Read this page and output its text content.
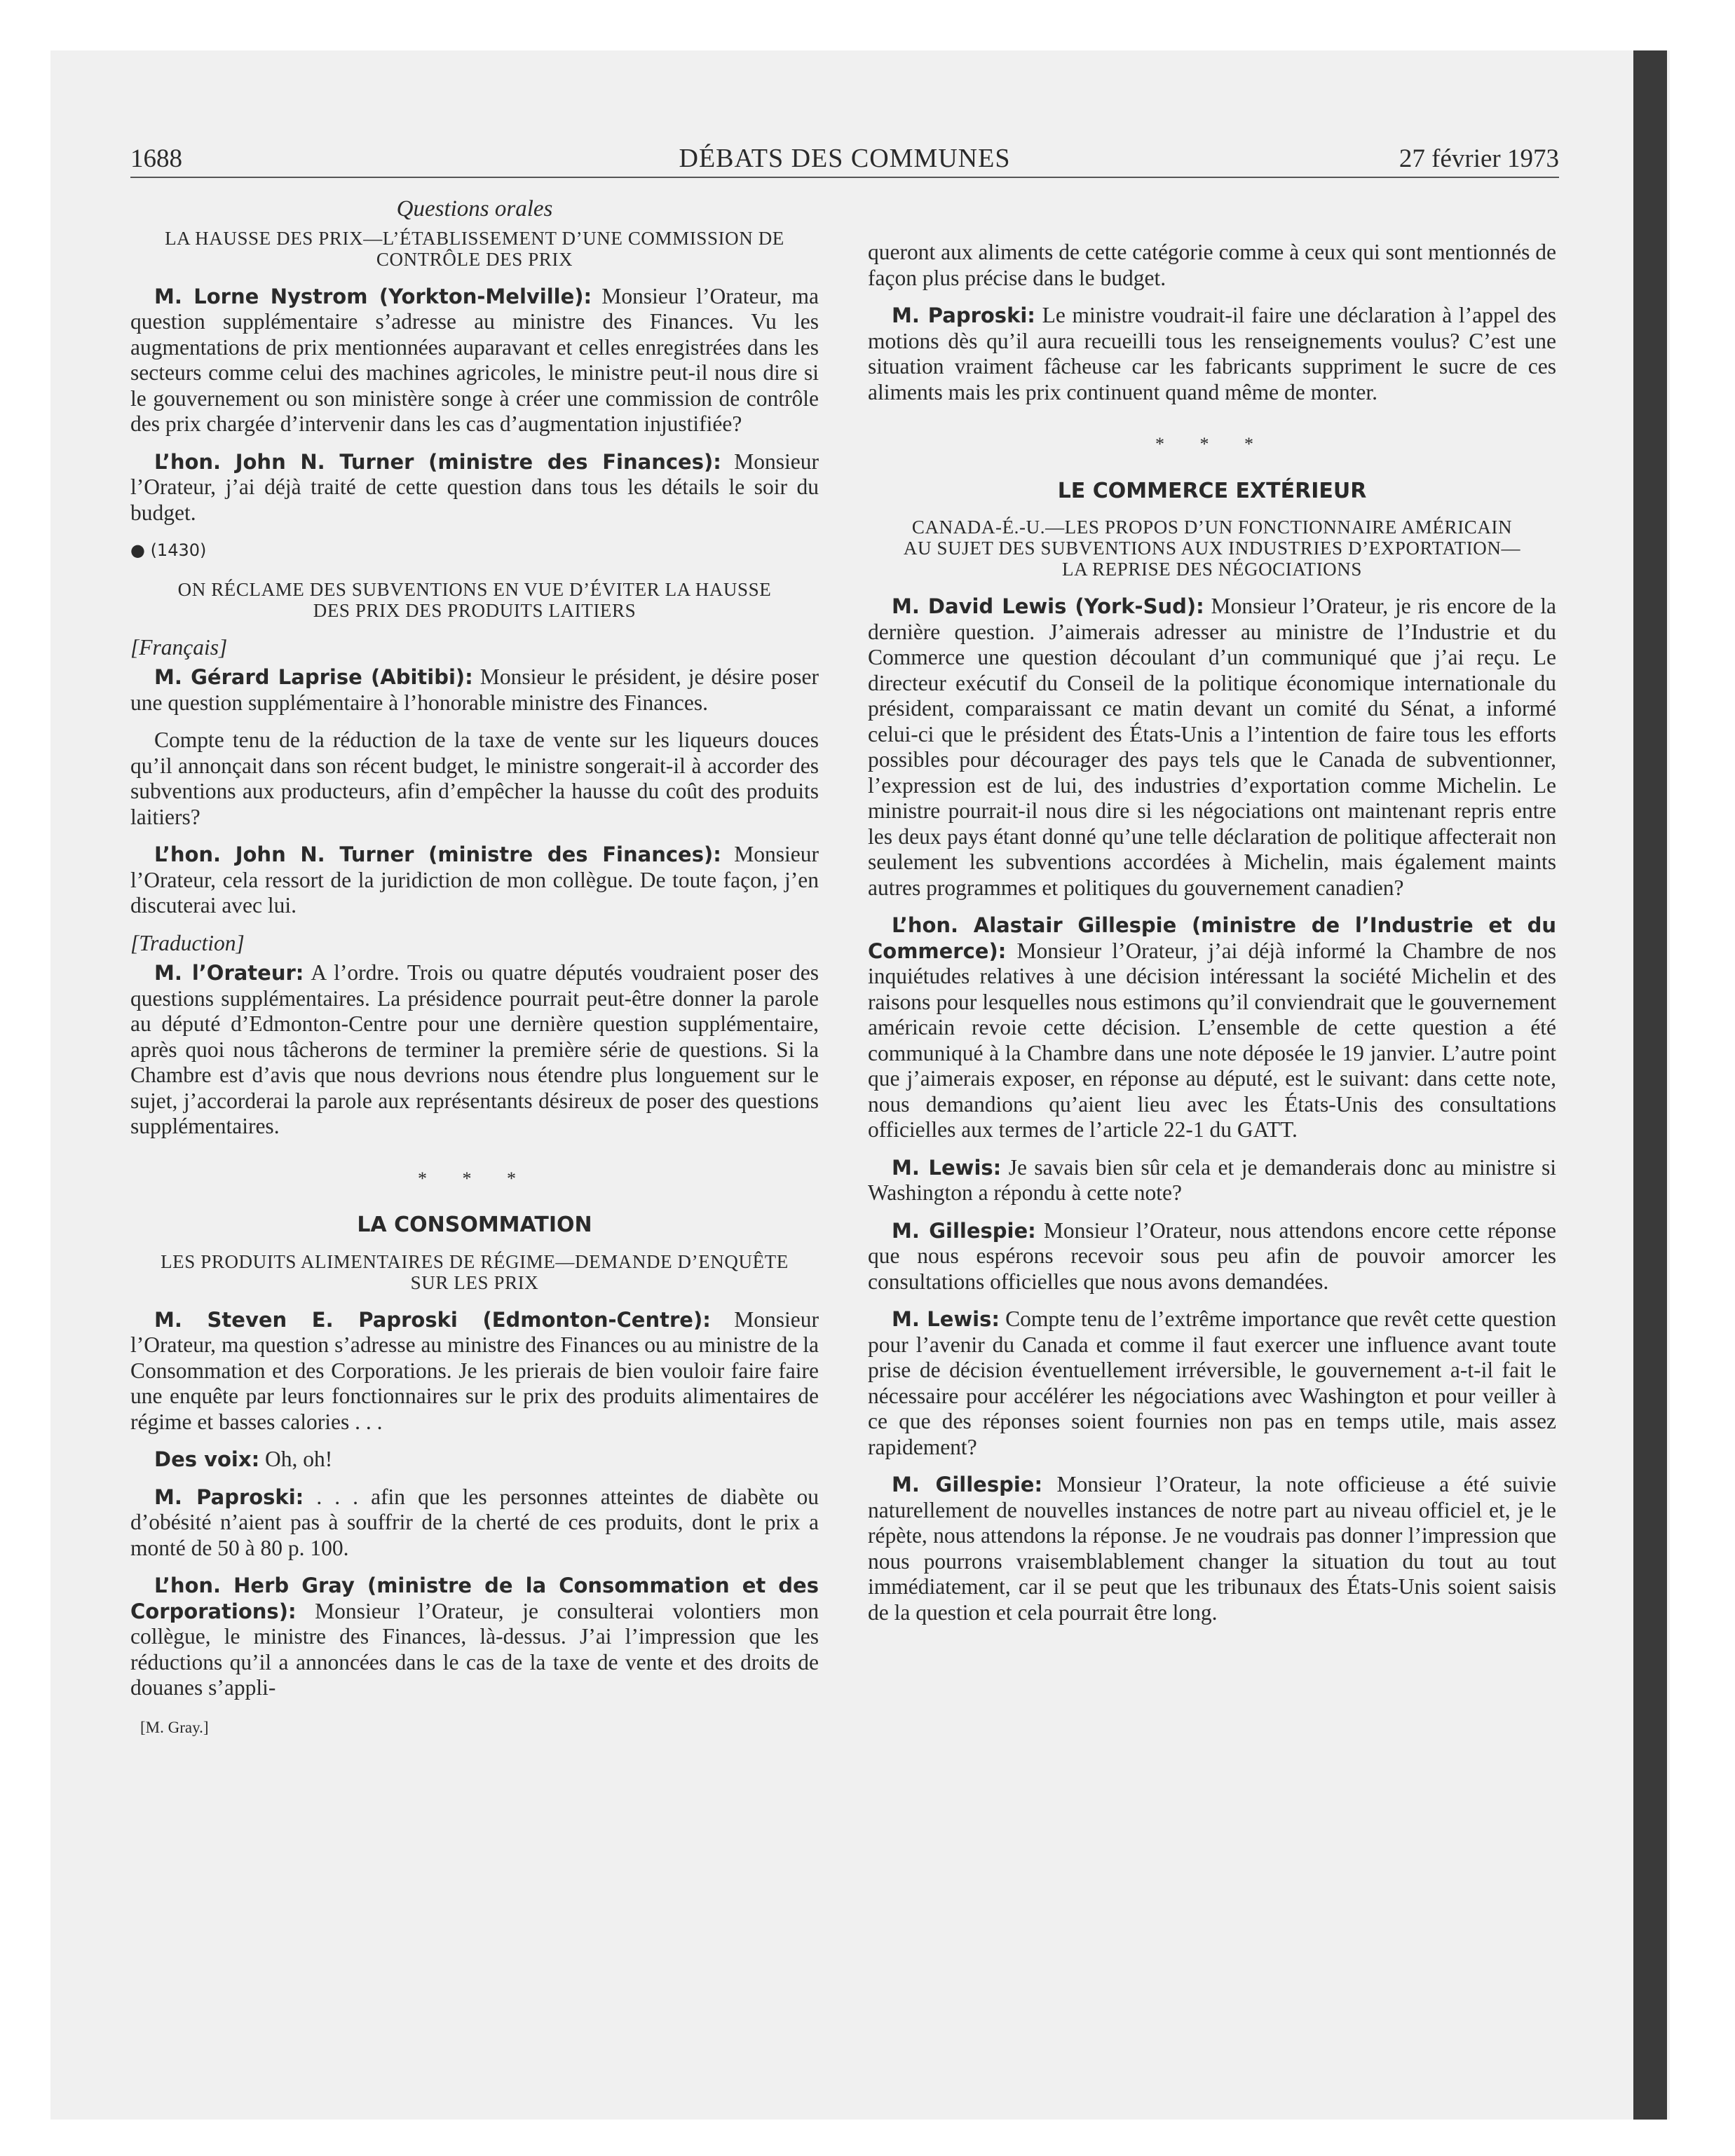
1688	DÉBATS DES COMMUNES	27 février 1973
Questions orales
LA HAUSSE DES PRIX—L’ÉTABLISSEMENT D’UNE COMMISSION DE CONTRÔLE DES PRIX

M. Lorne Nystrom (Yorkton-Melville): Monsieur l’Orateur, ma question supplémentaire s’adresse au ministre des Finances. Vu les augmentations de prix mentionnées auparavant et celles enregistrées dans les secteurs comme celui des machines agricoles, le ministre peut-il nous dire si le gouvernement ou son ministère songe à créer une commission de contrôle des prix chargée d’intervenir dans les cas d’augmentation injustifiée?

L’hon. John N. Turner (ministre des Finances): Monsieur l’Orateur, j’ai déjà traité de cette question dans tous les détails le soir du budget.

● (1430)
ON RÉCLAME DES SUBVENTIONS EN VUE D’ÉVITER LA HAUSSE DES PRIX DES PRODUITS LAITIERS
[Français]

M. Gérard Laprise (Abitibi): Monsieur le président, je désire poser une question supplémentaire à l’honorable ministre des Finances.

Compte tenu de la réduction de la taxe de vente sur les liqueurs douces qu’il annonçait dans son récent budget, le ministre songerait-il à accorder des subventions aux producteurs, afin d’empêcher la hausse du coût des produits laitiers?

L’hon. John N. Turner (ministre des Finances): Monsieur l’Orateur, cela ressort de la juridiction de mon collègue. De toute façon, j’en discuterai avec lui.

[Traduction]

M. l’Orateur: A l’ordre. Trois ou quatre députés voudraient poser des questions supplémentaires. La présidence pourrait peut-être donner la parole au député d’Edmonton-Centre pour une dernière question supplémentaire, après quoi nous tâcherons de terminer la première série de questions. Si la Chambre est d’avis que nous devrions nous étendre plus longuement sur le sujet, j’accorderai la parole aux représentants désireux de poser des questions supplémentaires.

* * *
LA CONSOMMATION
LES PRODUITS ALIMENTAIRES DE RÉGIME—DEMANDE D’ENQUÊTE SUR LES PRIX

M. Steven E. Paproski (Edmonton-Centre): Monsieur l’Orateur, ma question s’adresse au ministre des Finances ou au ministre de la Consommation et des Corporations. Je les prierais de bien vouloir faire faire une enquête par leurs fonctionnaires sur le prix des produits alimentaires de régime et basses calories . . .

Des voix: Oh, oh!

M. Paproski: . . . afin que les personnes atteintes de diabète ou d’obésité n’aient pas à souffrir de la cherté de ces produits, dont le prix a monté de 50 à 80 p. 100.

L’hon. Herb Gray (ministre de la Consommation et des Corporations): Monsieur l’Orateur, je consulterai volontiers mon collègue, le ministre des Finances, là-dessus. J’ai l’impression que les réductions qu’il a annoncées dans le cas de la taxe de vente et des droits de douanes s’appli-

[M. Gray.]

queront aux aliments de cette catégorie comme à ceux qui sont mentionnés de façon plus précise dans le budget.

M. Paproski: Le ministre voudrait-il faire une déclaration à l’appel des motions dès qu’il aura recueilli tous les renseignements voulus? C’est une situation vraiment fâcheuse car les fabricants suppriment le sucre de ces aliments mais les prix continuent quand même de monter.

* * *
LE COMMERCE EXTÉRIEUR
CANADA-É.-U.—LES PROPOS D’UN FONCTIONNAIRE AMÉRICAIN AU SUJET DES SUBVENTIONS AUX INDUSTRIES D’EXPORTATION—LA REPRISE DES NÉGOCIATIONS

M. David Lewis (York-Sud): Monsieur l’Orateur, je ris encore de la dernière question. J’aimerais adresser au ministre de l’Industrie et du Commerce une question découlant d’un communiqué que j’ai reçu. Le directeur exécutif du Conseil de la politique économique internationale du président, comparaissant ce matin devant un comité du Sénat, a informé celui-ci que le président des États-Unis a l’intention de faire tous les efforts possibles pour décourager des pays tels que le Canada de subventionner, l’expression est de lui, des industries d’exportation comme Michelin. Le ministre pourrait-il nous dire si les négociations ont maintenant repris entre les deux pays étant donné qu’une telle déclaration de politique affecterait non seulement les subventions accordées à Michelin, mais également maints autres programmes et politiques du gouvernement canadien?

L’hon. Alastair Gillespie (ministre de l’Industrie et du Commerce): Monsieur l’Orateur, j’ai déjà informé la Chambre de nos inquiétudes relatives à une décision intéressant la société Michelin et des raisons pour lesquelles nous estimons qu’il conviendrait que le gouvernement américain revoie cette décision. L’ensemble de cette question a été communiqué à la Chambre dans une note déposée le 19 janvier. L’autre point que j’aimerais exposer, en réponse au député, est le suivant: dans cette note, nous demandions qu’aient lieu avec les États-Unis des consultations officielles aux termes de l’article 22-1 du GATT.

M. Lewis: Je savais bien sûr cela et je demanderais donc au ministre si Washington a répondu à cette note?

M. Gillespie: Monsieur l’Orateur, nous attendons encore cette réponse que nous espérons recevoir sous peu afin de pouvoir amorcer les consultations officielles que nous avons demandées.

M. Lewis: Compte tenu de l’extrême importance que revêt cette question pour l’avenir du Canada et comme il faut exercer une influence avant toute prise de décision éventuellement irréversible, le gouvernement a-t-il fait le nécessaire pour accélérer les négociations avec Washington et pour veiller à ce que des réponses soient fournies non pas en temps utile, mais assez rapidement?

M. Gillespie: Monsieur l’Orateur, la note officieuse a été suivie naturellement de nouvelles instances de notre part au niveau officiel et, je le répète, nous attendons la réponse. Je ne voudrais pas donner l’impression que nous pourrons vraisemblablement changer la situation du tout au tout immédiatement, car il se peut que les tribunaux des États-Unis soient saisis de la question et cela pourrait être long.
